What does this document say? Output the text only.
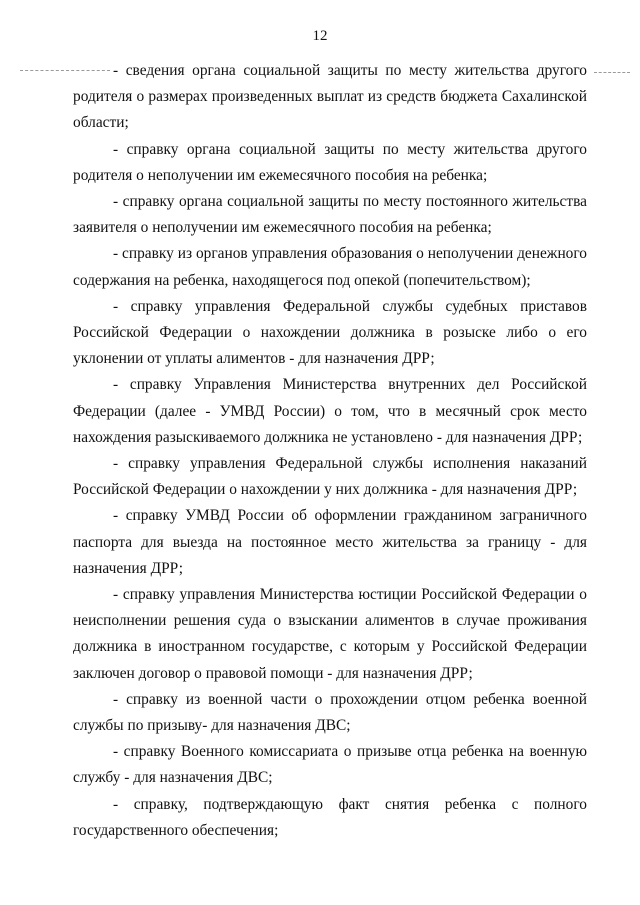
12

- сведения органа социальной защиты по месту жительства другого родителя о размерах произведенных выплат из средств бюджета Сахалинской области;

- справку органа социальной защиты по месту жительства другого родителя о неполучении им ежемесячного пособия на ребенка;

- справку органа социальной защиты по месту постоянного жительства заявителя о неполучении им ежемесячного пособия на ребенка;

- справку из органов управления образования о неполучении денежного содержания на ребенка, находящегося под опекой (попечительством);

- справку управления Федеральной службы судебных приставов Российской Федерации о нахождении должника в розыске либо о его уклонении от уплаты алиментов - для назначения ДРР;

- справку Управления Министерства внутренних дел Российской Федерации (далее - УМВД России) о том, что в месячный срок место нахождения разыскиваемого должника не установлено - для назначения ДРР;

- справку управления Федеральной службы исполнения наказаний Российской Федерации о нахождении у них должника - для назначения ДРР;

- справку УМВД России об оформлении гражданином заграничного паспорта для выезда на постоянное место жительства за границу - для назначения ДРР;

- справку управления Министерства юстиции Российской Федерации о неисполнении решения суда о взыскании алиментов в случае проживания должника в иностранном государстве, с которым у Российской Федерации заключен договор о правовой помощи - для назначения ДРР;

- справку из военной части о прохождении отцом ребенка военной службы по призыву- для назначения ДВС;

- справку Военного комиссариата о призыве отца ребенка на военную службу - для назначения ДВС;

- справку, подтверждающую факт снятия ребенка с полного государственного обеспечения;
